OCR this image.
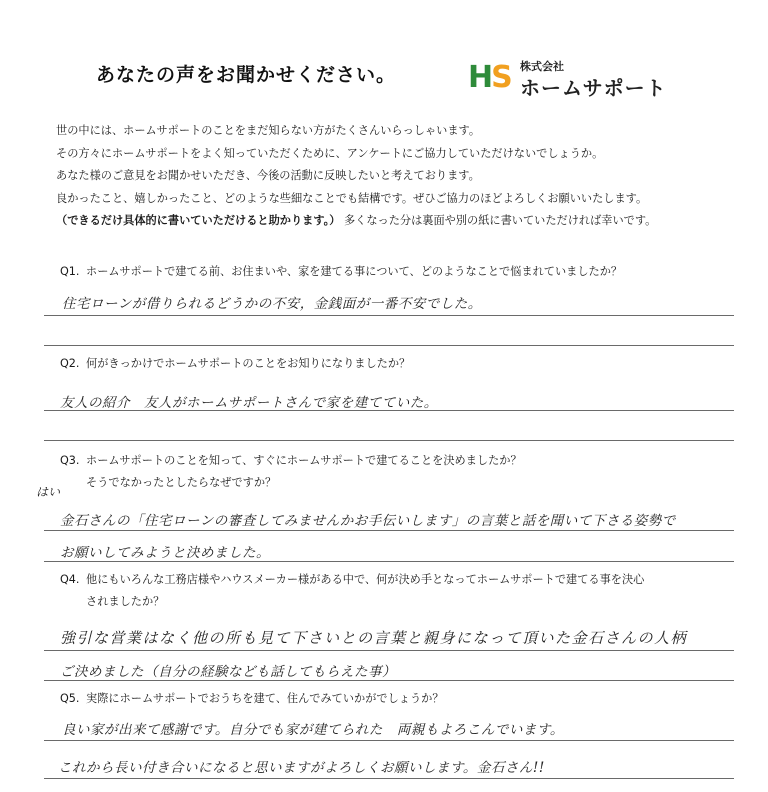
あなたの声をお聞かせください。 HS 株式会社
ホームサポート
世の中には、ホームサポートのことをまだ知らない方がたくさんいらっしゃいます。
その方々にホームサポートをよく知っていただくために、アンケートにご協力していただけないでしょうか。
あなた様のご意見をお聞かせいただき、今後の活動に反映したいと考えております。
良かったこと、嬉しかったこと、どのような些細なことでも結構です。ぜひご協力のほどよろしくお願いいたします。
（できるだけ具体的に書いていただけると助かります。） 多くなった分は裏面や別の紙に書いていただければ幸いです。
Q1. ホームサポートで建てる前、お住まいや、家を建てる事について、どのようなことで悩まれていましたか？
住宅ローンが借りられるどうかの不安，金銭面が一番不安でした。
Q2. 何がきっかけでホームサポートのことをお知りになりましたか？
友人の紹介　友人がホームサポートさんで家を建てていた。
Q3. ホームサポートのことを知って、すぐにホームサポートで建てることを決めましたか？
そうでなかったとしたらなぜですか？
はい
金石さんの「住宅ローンの審査してみませんかお手伝いします」の言葉と話を聞いて下さる姿勢で
お願いしてみようと決めました。
Q4. 他にもいろんな工務店様やハウスメーカー様がある中で、何が決め手となってホームサポートで建てる事を決心
されましたか？
強引な営業はなく他の所も見て下さいとの言葉と親身になって頂いた金石さんの人柄
ご決めました（自分の経験なども話してもらえた事）
Q5. 実際にホームサポートでおうちを建て、住んでみていかがでしょうか？
良い家が出来て感謝です。自分でも家が建てられた　両親もよろこんでいます。
これから長い付き合いになると思いますがよろしくお願いします。金石さん!!
